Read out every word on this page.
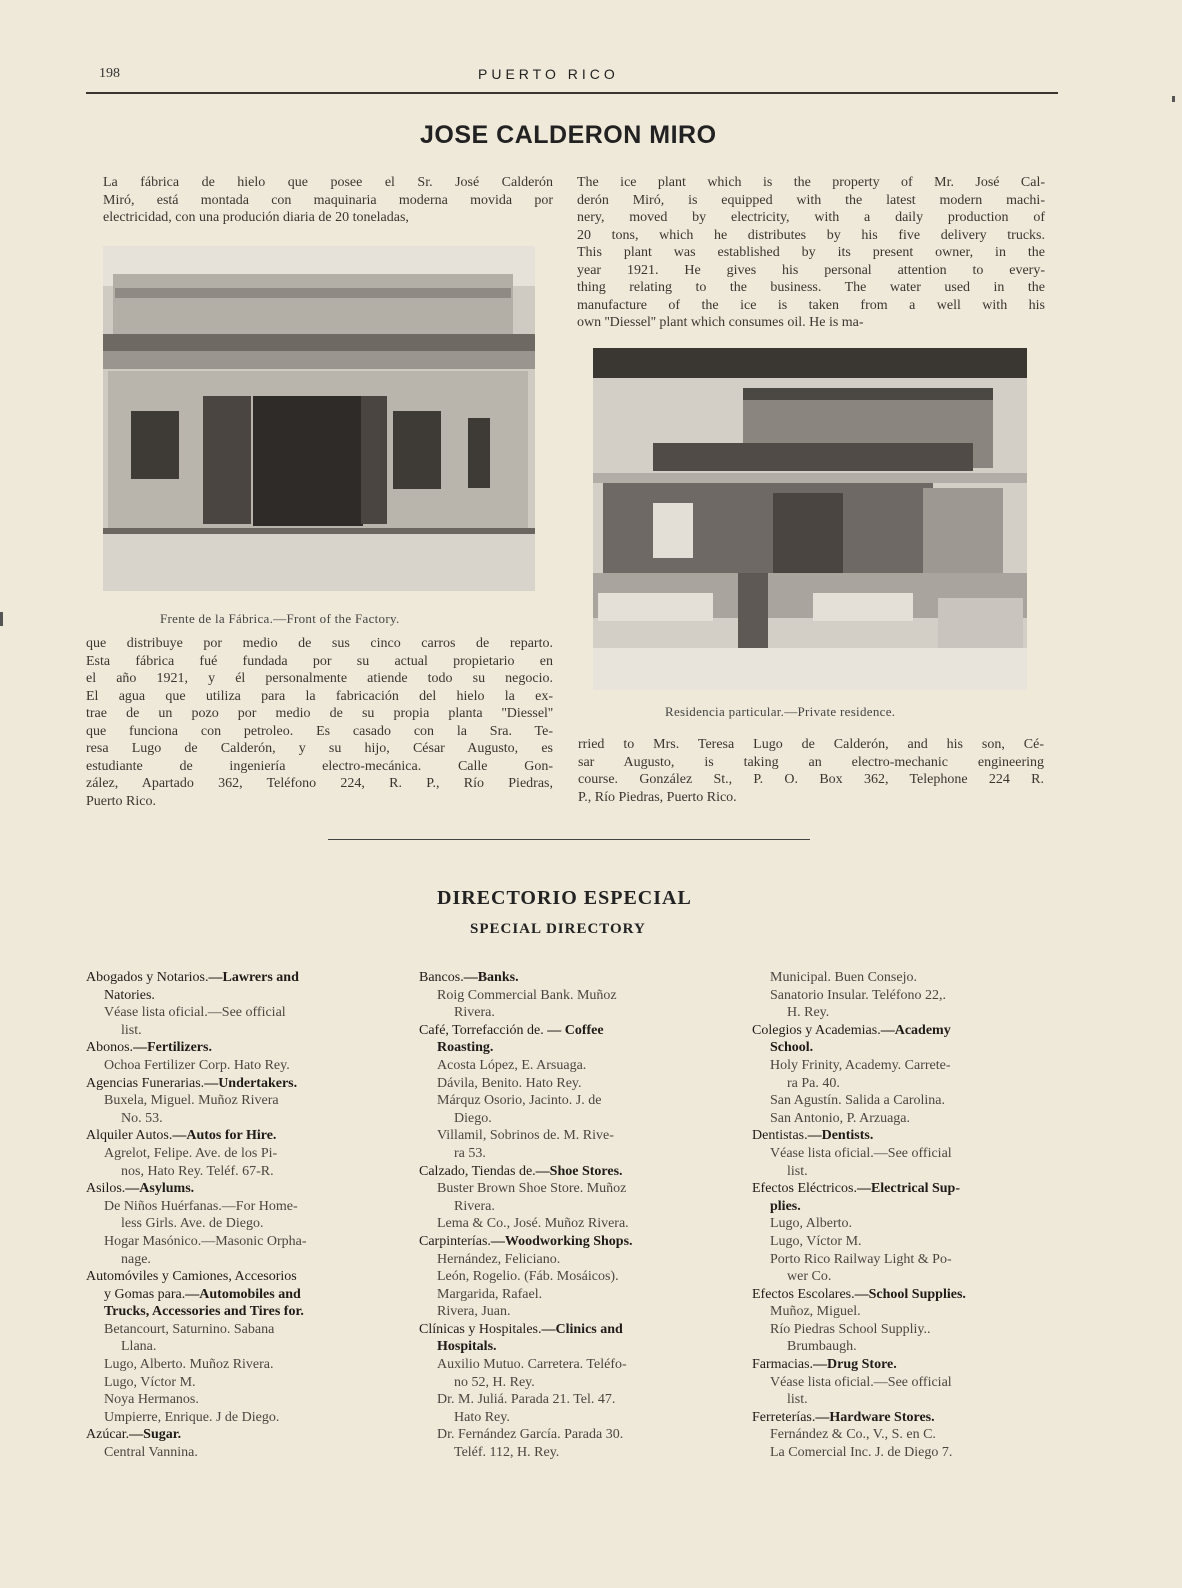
198	PUERTO RICO
JOSE CALDERON MIRO
La fábrica de hielo que posee el Sr. José Calderón
Miró, está montada con maquinaria moderna movida por
electricidad, con una produción diaria de 20 toneladas,
The ice plant which is the property of Mr. José Cal-
derón Miró, is equipped with the latest modern machi-
nery, moved by electricity, with a daily production of
20 tons, which he distributes by his five delivery trucks.
This plant was established by its present owner, in the
year 1921. He gives his personal attention to every-
thing relating to the business. The water used in the
manufacture of the ice is taken from a well with his
own ''Diessel'' plant which consumes oil. He is ma-
Frente de la Fábrica.—Front of the Factory.
Residencia particular.—Private residence.
que distribuye por medio de sus cinco carros de reparto.
Esta fábrica fué fundada por su actual propietario en
el año 1921, y él personalmente atiende todo su negocio.
El agua que utiliza para la fabricación del hielo la ex-
trae de un pozo por medio de su propia planta ''Diessel''
que funciona con petroleo. Es casado con la Sra. Te-
resa Lugo de Calderón, y su hijo, César Augusto, es
estudiante de ingeniería electro-mecánica. Calle Gon-
zález, Apartado 362, Teléfono 224, R. P., Río Piedras,
Puerto Rico.
rried to Mrs. Teresa Lugo de Calderón, and his son, Cé-
sar Augusto, is taking an electro-mechanic engineering
course. González St., P. O. Box 362, Telephone 224 R.
P., Río Piedras, Puerto Rico.
DIRECTORIO ESPECIAL
SPECIAL DIRECTORY
Abogados y Notarios.—Lawrers and
Natories.
Véase lista oficial.—See official
list.
Abonos.—Fertilizers.
Ochoa Fertilizer Corp. Hato Rey.
Agencias Funerarias.—Undertakers.
Buxela, Miguel. Muñoz Rivera
No. 53.
Alquiler Autos.—Autos for Hire.
Agrelot, Felipe. Ave. de los Pi-
nos, Hato Rey. Teléf. 67-R.
Asilos.—Asylums.
De Niños Huérfanas.—For Home-
less Girls. Ave. de Diego.
Hogar Masónico.—Masonic Orpha-
nage.
Automóviles y Camiones, Accesorios
y Gomas para.—Automobiles and
Trucks, Accessories and Tires for.
Betancourt, Saturnino. Sabana
Llana.
Lugo, Alberto. Muñoz Rivera.
Lugo, Víctor M.
Noya Hermanos.
Umpierre, Enrique. J de Diego.
Azúcar.—Sugar.
Central Vannina.
Bancos.—Banks.
Roig Commercial Bank. Muñoz
Rivera.
Café, Torrefacción de. — Coffee
Roasting.
Acosta López, E. Arsuaga.
Dávila, Benito. Hato Rey.
Márquz Osorio, Jacinto. J. de
Diego.
Villamil, Sobrinos de. M. Rive-
ra 53.
Calzado, Tiendas de.—Shoe Stores.
Buster Brown Shoe Store. Muñoz
Rivera.
Lema & Co., José. Muñoz Rivera.
Carpinterías.—Woodworking Shops.
Hernández, Feliciano.
León, Rogelio. (Fáb. Mosáicos).
Margarida, Rafael.
Rivera, Juan.
Clínicas y Hospitales.—Clinics and
Hospitals.
Auxilio Mutuo. Carretera. Teléfo-
no 52, H. Rey.
Dr. M. Juliá. Parada 21. Tel. 47.
Hato Rey.
Dr. Fernández García. Parada 30.
Teléf. 112, H. Rey.
Municipal. Buen Consejo.
Sanatorio Insular. Teléfono 22,.
H. Rey.
Colegios y Academias.—Academy
School.
Holy Frinity, Academy. Carrete-
ra Pa. 40.
San Agustín. Salida a Carolina.
San Antonio, P. Arzuaga.
Dentistas.—Dentists.
Véase lista oficial.—See official
list.
Efectos Eléctricos.—Electrical Sup-
plies.
Lugo, Alberto.
Lugo, Víctor M.
Porto Rico Railway Light & Po-
wer Co.
Efectos Escolares.—School Supplies.
Muñoz, Miguel.
Río Piedras School Suppliy..
Brumbaugh.
Farmacias.—Drug Store.
Véase lista oficial.—See official
list.
Ferreterías.—Hardware Stores.
Fernández & Co., V., S. en C.
La Comercial Inc. J. de Diego 7.
